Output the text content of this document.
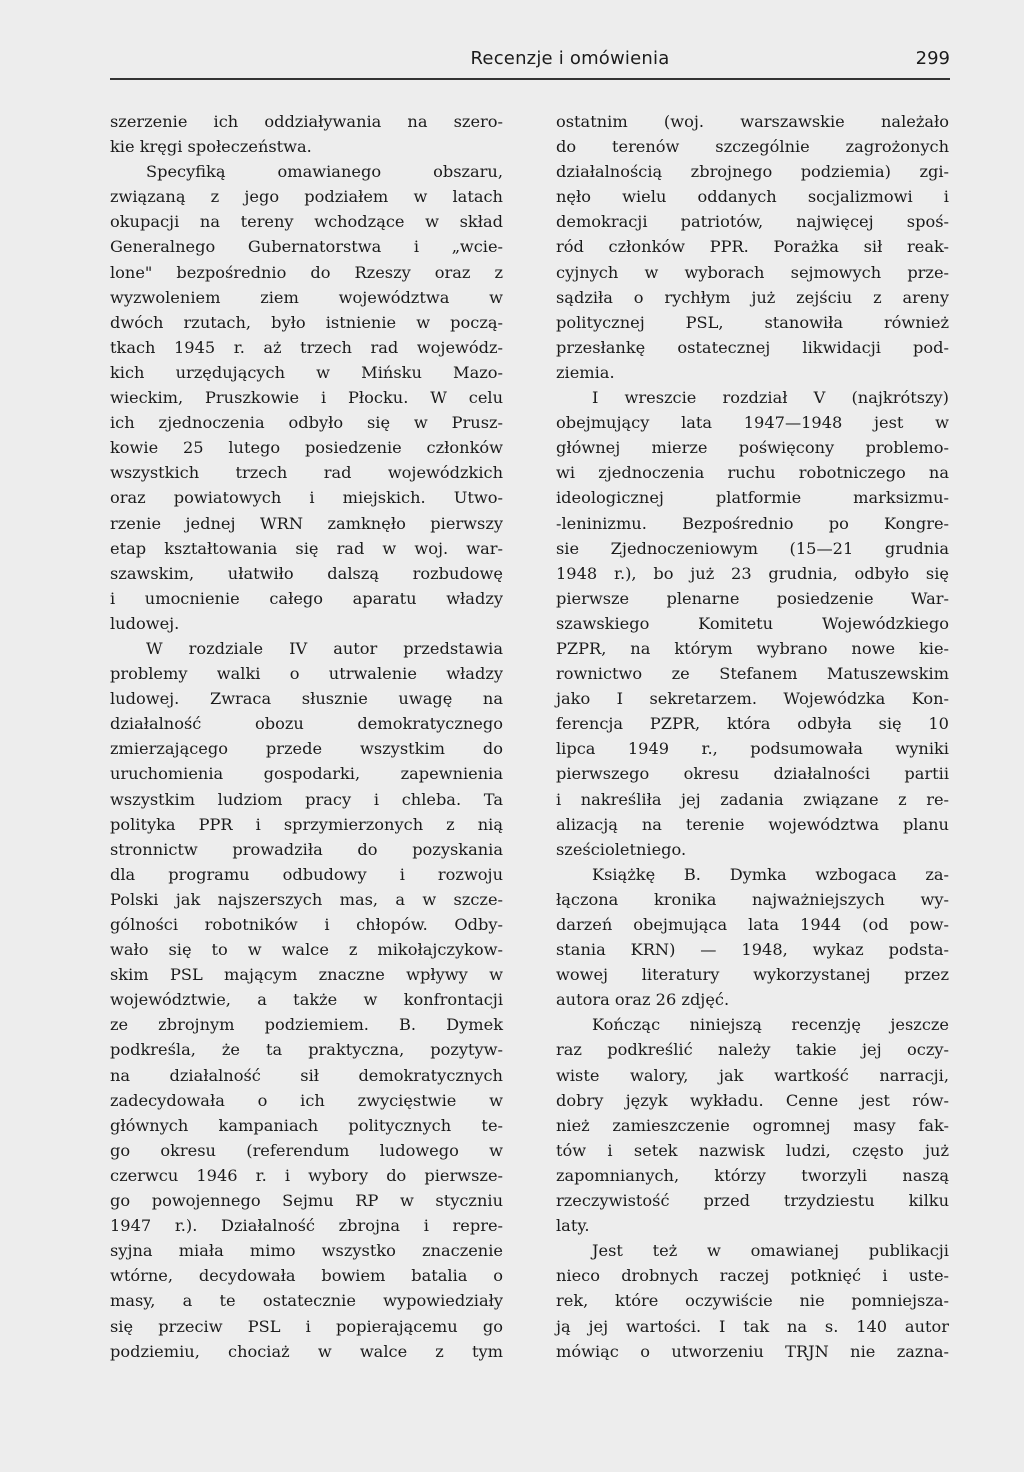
Recenzje i omówienia	299
szerzenie ich oddziaływania na szero-
kie kręgi społeczeństwa.
Specyfiką omawianego obszaru,
związaną z jego podziałem w latach
okupacji na tereny wchodzące w skład
Generalnego Gubernatorstwa i „wciе-
lone" bezpośrednio do Rzeszy oraz z
wyzwoleniem ziem województwa w
dwóch rzutach, było istnienie w począ-
tkach 1945 r. aż trzech rad wojewódz-
kich urzędujących w Mińsku Mazo-
wieckim, Pruszkowie i Płocku. W celu
ich zjednoczenia odbyło się w Prusz-
kowie 25 lutego posiedzenie członków
wszystkich trzech rad wojewódzkich
oraz powiatowych i miejskich. Utwo-
rzenie jednej WRN zamknęło pierwszy
etap kształtowania się rad w woj. war-
szawskim, ułatwiło dalszą rozbudowę
i umocnienie całego aparatu władzy
ludowej.
W rozdziale IV autor przedstawia
problemy walki o utrwalenie władzy
ludowej. Zwraca słusznie uwagę na
działalność obozu demokratycznego
zmierzającego przede wszystkim do
uruchomienia gospodarki, zapewnienia
wszystkim ludziom pracy i chleba. Ta
polityka PPR i sprzymierzonych z nią
stronnictw prowadziła do pozyskania
dla programu odbudowy i rozwoju
Polski jak najszerszych mas, a w szcze-
gólności robotników i chłopów. Odby-
wało się to w walce z mikołajczykow-
skim PSL mającym znaczne wpływy w
województwie, a także w konfrontacji
ze zbrojnym podziemiem. B. Dymek
podkreśla, że ta praktyczna, pozytyw-
na działalność sił demokratycznych
zadecydowała o ich zwycięstwie w
głównych kampaniach politycznych te-
go okresu (referendum ludowego w
czerwcu 1946 r. i wybory do pierwsze-
go powojennego Sejmu RP w styczniu
1947 r.). Działalność zbrojna i repre-
syjna miała mimo wszystko znaczenie
wtórne, decydowała bowiem batalia o
masy, a te ostatecznie wypowiedziały
się przeciw PSL i popierającemu go
podziemiu, chociaż w walce z tym
ostatnim (woj. warszawskie należało
do terenów szczególnie zagrożonych
działalnością zbrojnego podziemia) zgi-
nęło wielu oddanych socjalizmowi i
demokracji patriotów, najwięcej spoś-
ród członków PPR. Porażka sił reak-
cyjnych w wyborach sejmowych prze-
sądziła o rychłym już zejściu z areny
politycznej PSL, stanowiła również
przesłankę ostatecznej likwidacji pod-
ziemia.
I wreszcie rozdział V (najkrótszy)
obejmujący lata 1947—1948 jest w
głównej mierze poświęcony problemo-
wi zjednoczenia ruchu robotniczego na
ideologicznej platformie marksizmu-
-leninizmu. Bezpośrednio po Kongre-
sie Zjednoczeniowym (15—21 grudnia
1948 r.), bo już 23 grudnia, odbyło się
pierwsze plenarne posiedzenie War-
szawskiego Komitetu Wojewódzkiego
PZPR, na którym wybrano nowe kie-
rownictwo ze Stefanem Matuszewskim
jako I sekretarzem. Wojewódzka Kon-
ferencja PZPR, która odbyła się 10
lipca 1949 r., podsumowała wyniki
pierwszego okresu działalności partii
i nakreśliła jej zadania związane z re-
alizacją na terenie województwa planu
sześcioletniego.
Książkę B. Dymka wzbogaca za-
łączona kronika najważniejszych wy-
darzeń obejmująca lata 1944 (od pow-
stania KRN) — 1948, wykaz podsta-
wowej literatury wykorzystanej przez
autora oraz 26 zdjęć.
Kończąc niniejszą recenzję jeszcze
raz podkreślić należy takie jej oczy-
wiste walory, jak wartkość narracji,
dobry język wykładu. Cenne jest rów-
nież zamieszczenie ogromnej masy fak-
tów i setek nazwisk ludzi, często już
zapomnianych, którzy tworzyli naszą
rzeczywistość przed trzydziestu kilku
laty.
Jest też w omawianej publikacji
nieco drobnych raczej potknięć i uste-
rek, które oczywiście nie pomniejsza-
ją jej wartości. I tak na s. 140 autor
mówiąc o utworzeniu TRJN nie zazna-
